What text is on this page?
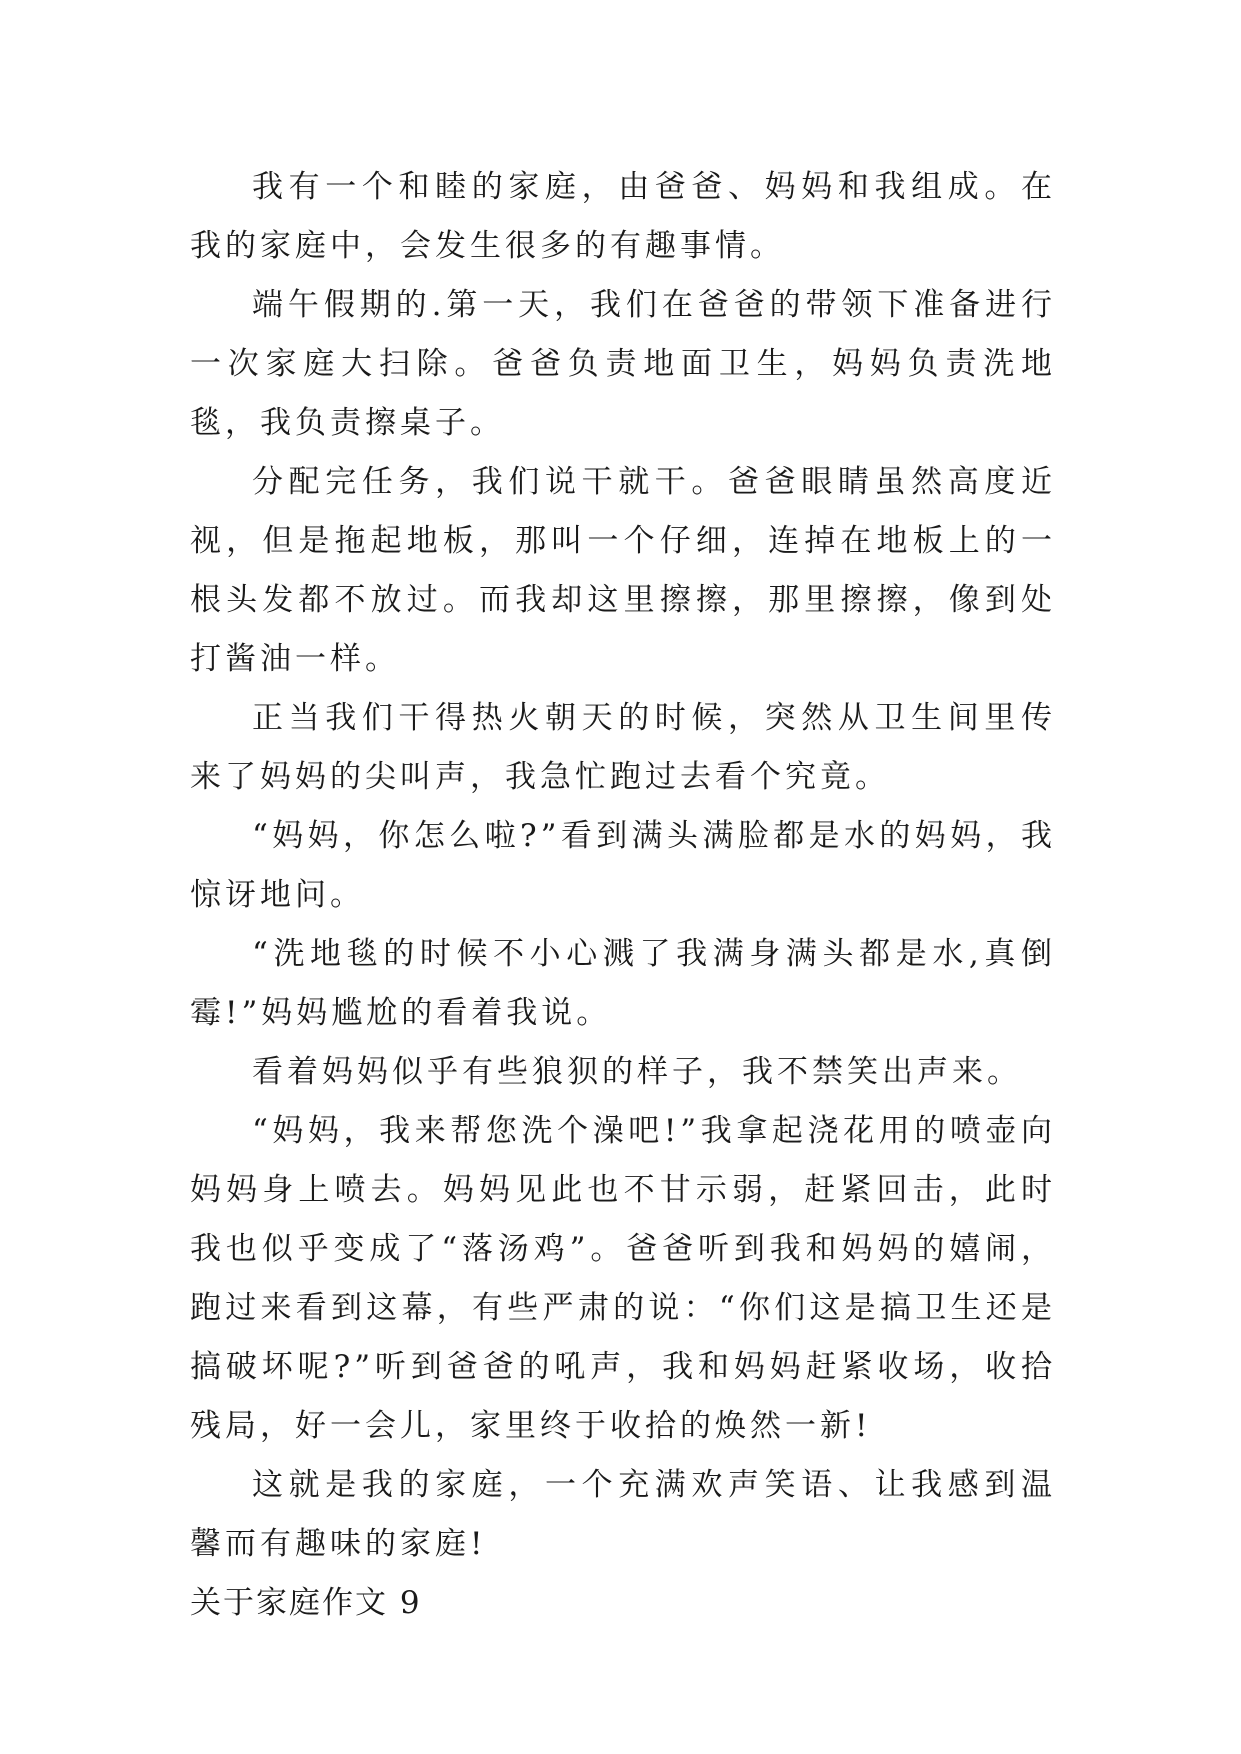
我有一个和睦的家庭，由爸爸、妈妈和我组成。在我的家庭中，会发生很多的有趣事情。

端午假期的.第一天，我们在爸爸的带领下准备进行一次家庭大扫除。爸爸负责地面卫生，妈妈负责洗地毯，我负责擦桌子。

分配完任务，我们说干就干。爸爸眼睛虽然高度近视，但是拖起地板，那叫一个仔细，连掉在地板上的一根头发都不放过。而我却这里擦擦，那里擦擦，像到处打酱油一样。

正当我们干得热火朝天的时候，突然从卫生间里传来了妈妈的尖叫声，我急忙跑过去看个究竟。

“妈妈，你怎么啦?”看到满头满脸都是水的妈妈，我惊讶地问。

“洗地毯的时候不小心溅了我满身满头都是水,真倒霉!”妈妈尴尬的看着我说。

看着妈妈似乎有些狼狈的样子，我不禁笑出声来。

“妈妈，我来帮您洗个澡吧!”我拿起浇花用的喷壶向妈妈身上喷去。妈妈见此也不甘示弱，赶紧回击，此时我也似乎变成了“落汤鸡”。爸爸听到我和妈妈的嬉闹，跑过来看到这幕，有些严肃的说：“你们这是搞卫生还是搞破坏呢?”听到爸爸的吼声，我和妈妈赶紧收场，收拾残局，好一会儿，家里终于收拾的焕然一新!

这就是我的家庭，一个充满欢声笑语、让我感到温馨而有趣味的家庭!

关于家庭作文 9
